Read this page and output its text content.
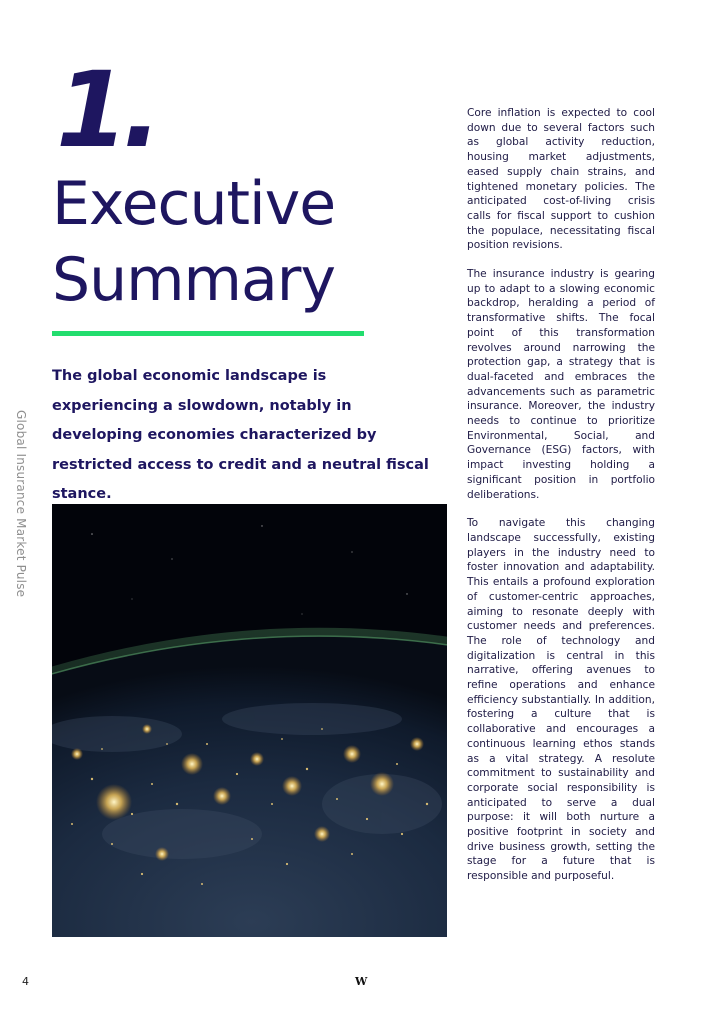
1.
Executive
Summary
The global economic landscape is experiencing a slowdown, notably in developing economies characterized by restricted access to credit and a neutral fiscal stance.
Global Insurance Market Pulse

Core inflation is expected to cool down due to several factors such as global activity reduction, housing market adjustments, eased supply chain strains, and tightened monetary policies. The anticipated cost-of-living crisis calls for fiscal support to cushion the populace, necessitating fiscal position revisions.

The insurance industry is gearing up to adapt to a slowing economic backdrop, heralding a period of transformative shifts. The focal point of this transformation revolves around narrowing the protection gap, a strategy that is dual-faceted and embraces the advancements such as parametric insurance. Moreover, the industry needs to continue to prioritize Environmental, Social, and Governance (ESG) factors, with impact investing holding a significant position in portfolio deliberations.

To navigate this changing landscape successfully, existing players in the industry need to foster innovation and adaptability. This entails a profound exploration of customer-centric approaches, aiming to resonate deeply with customer needs and preferences. The role of technology and digitalization is central in this narrative, offering avenues to refine operations and enhance efficiency substantially. In addition, fostering a culture that is collaborative and encourages a continuous learning ethos stands as a vital strategy. A resolute commitment to sustainability and corporate social responsibility is anticipated to serve a dual purpose: it will both nurture a positive footprint in society and drive business growth, setting the stage for a future that is responsible and purposeful.

4	W
